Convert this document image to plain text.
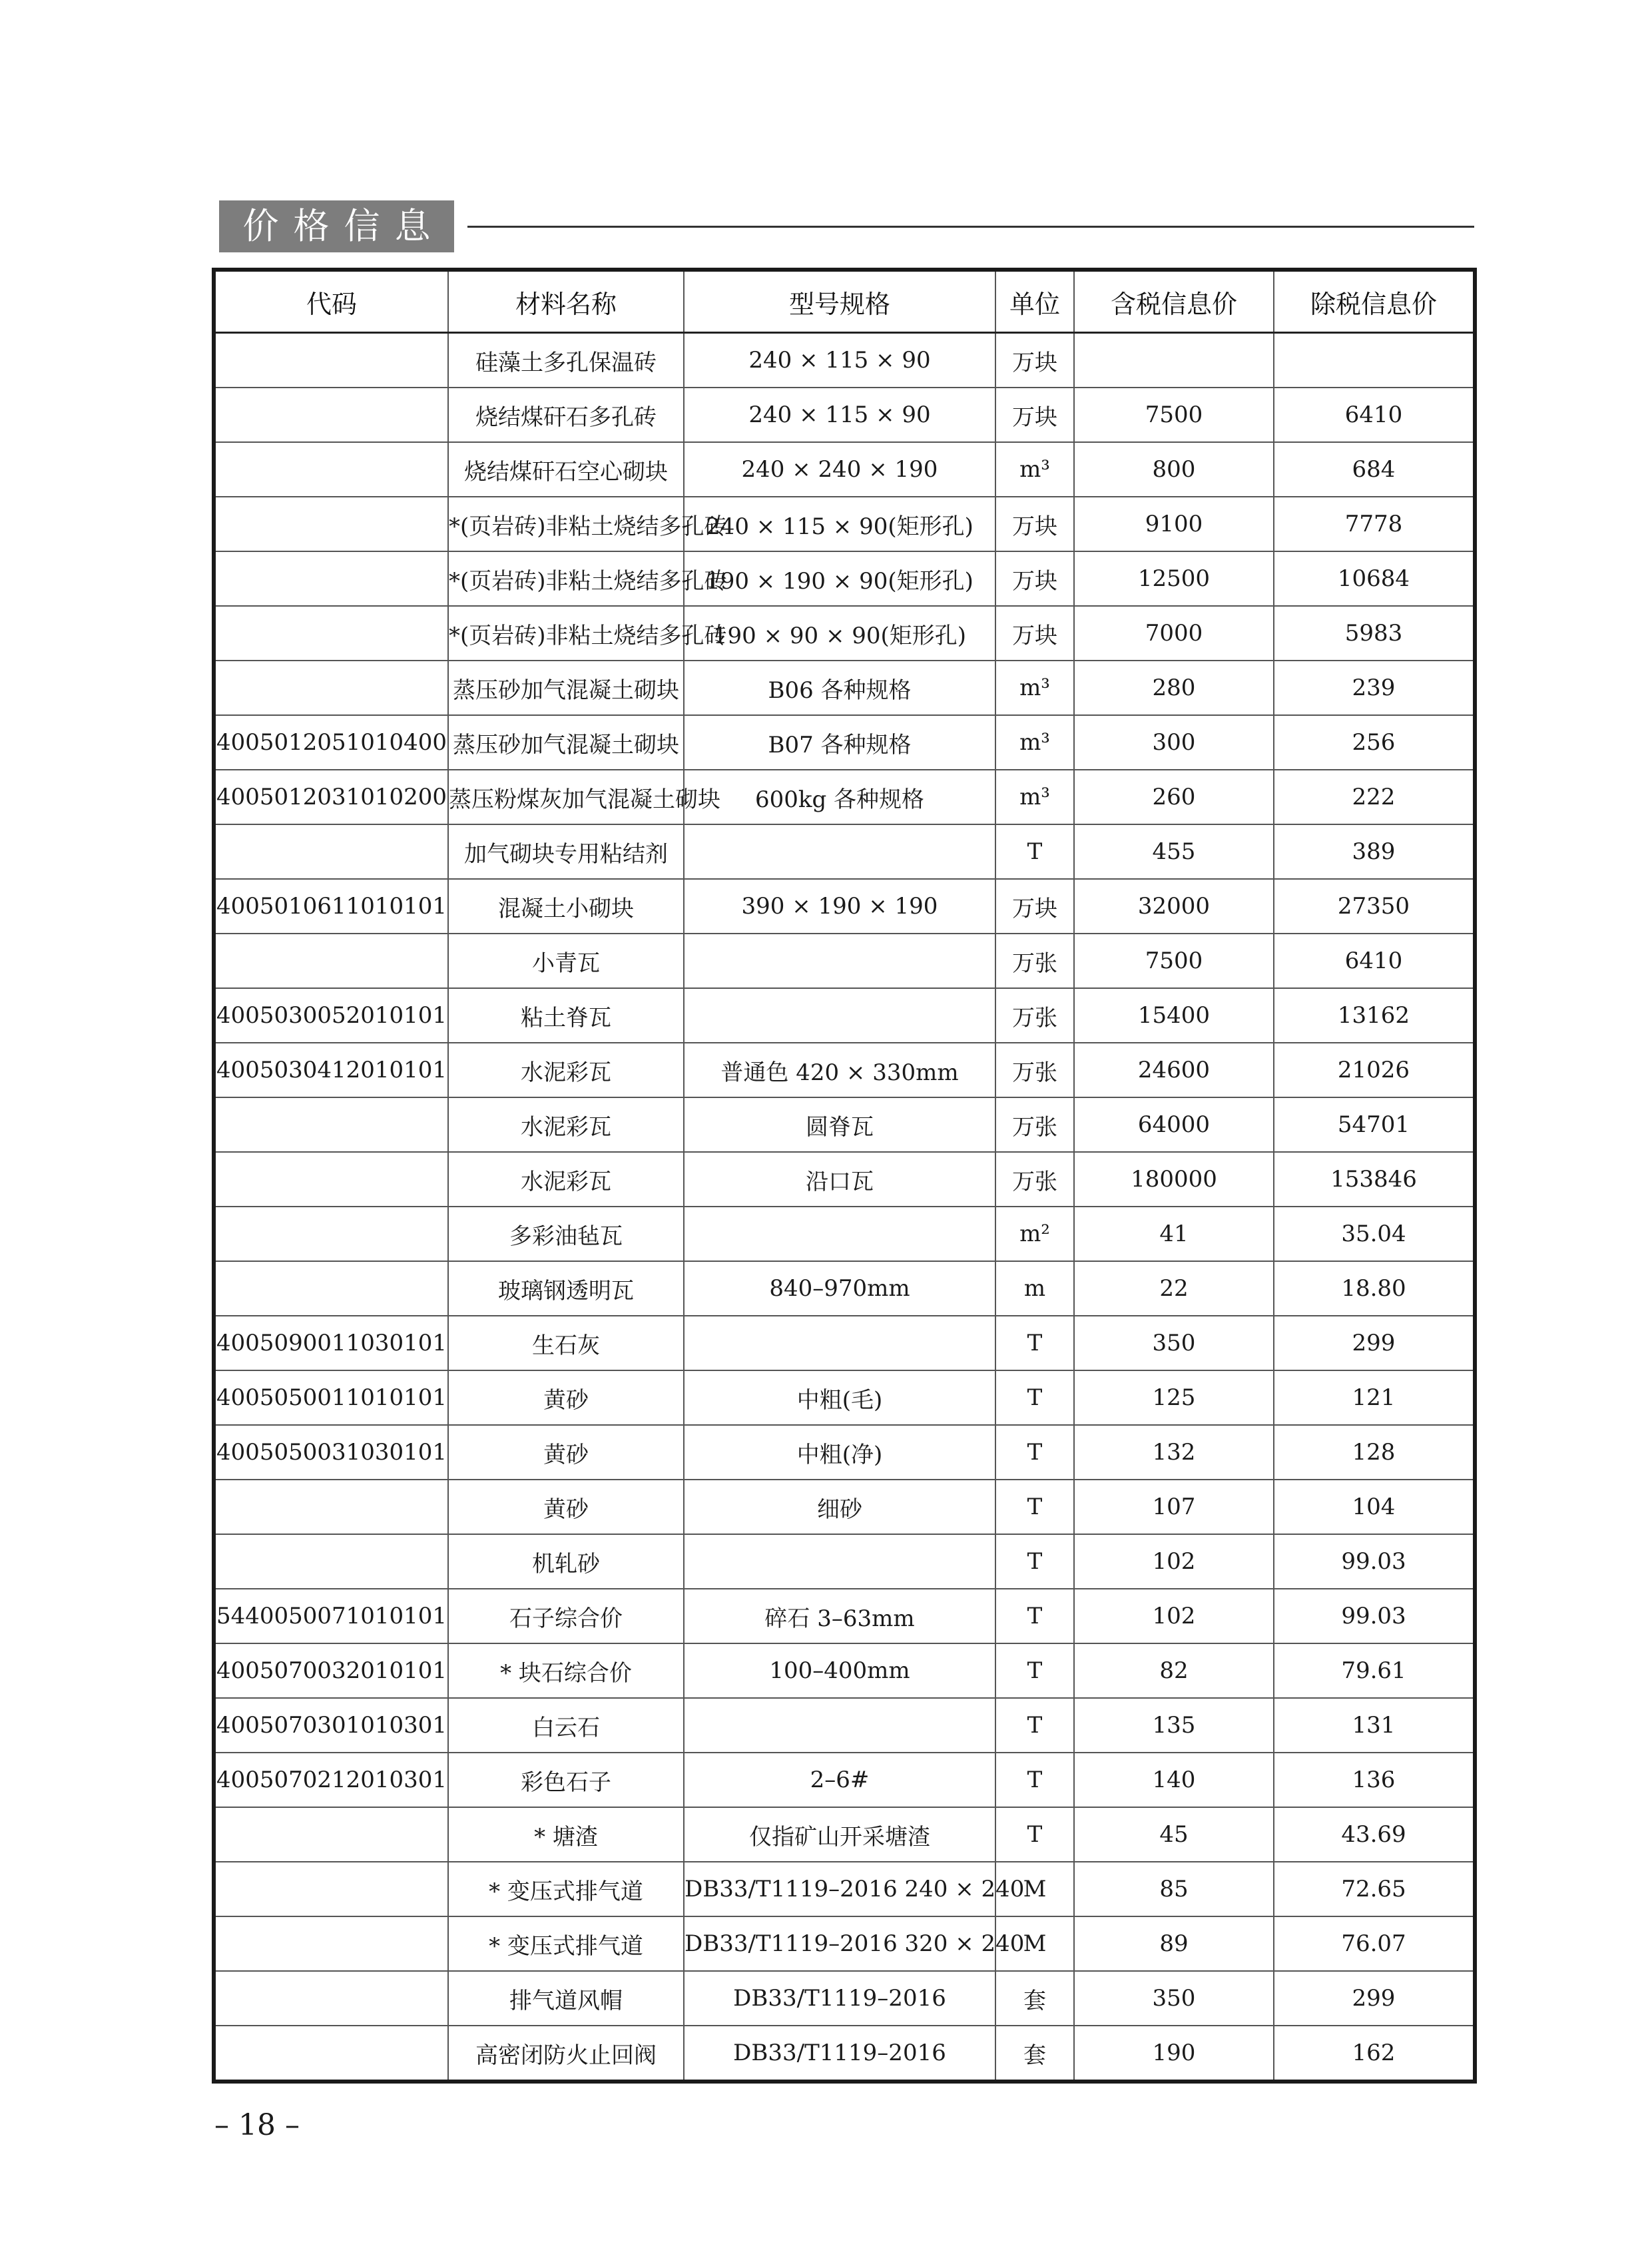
价格信息
代码	材料名称	型号规格	单位	含税信息价	除税信息价
	硅藻土多孔保温砖	240 × 115 × 90	万块		
	烧结煤矸石多孔砖	240 × 115 × 90	万块	7500	6410
	烧结煤矸石空心砌块	240 × 240 × 190	m³	800	684
	*(页岩砖)非粘土烧结多孔砖	240 × 115 × 90(矩形孔)	万块	9100	7778
	*(页岩砖)非粘土烧结多孔砖	190 × 190 × 90(矩形孔)	万块	12500	10684
	*(页岩砖)非粘土烧结多孔砖	190 × 90 × 90(矩形孔)	万块	7000	5983
	蒸压砂加气混凝土砌块	B06 各种规格	m³	280	239
4005012051010400	蒸压砂加气混凝土砌块	B07 各种规格	m³	300	256
4005012031010200	蒸压粉煤灰加气混凝土砌块	600kg 各种规格	m³	260	222
	加气砌块专用粘结剂		T	455	389
4005010611010101	混凝土小砌块	390 × 190 × 190	万块	32000	27350
	小青瓦		万张	7500	6410
4005030052010101	粘土脊瓦		万张	15400	13162
4005030412010101	水泥彩瓦	普通色 420 × 330mm	万张	24600	21026
	水泥彩瓦	圆脊瓦	万张	64000	54701
	水泥彩瓦	沿口瓦	万张	180000	153846
	多彩油毡瓦		m²	41	35.04
	玻璃钢透明瓦	840–970mm	m	22	18.80
4005090011030101	生石灰		T	350	299
4005050011010101	黄砂	中粗(毛)	T	125	121
4005050031030101	黄砂	中粗(净)	T	132	128
	黄砂	细砂	T	107	104
	机轧砂		T	102	99.03
5440050071010101	石子综合价	碎石 3–63mm	T	102	99.03
4005070032010101	* 块石综合价	100–400mm	T	82	79.61
4005070301010301	白云石		T	135	131
4005070212010301	彩色石子	2–6#	T	140	136
	* 塘渣	仅指矿山开采塘渣	T	45	43.69
	* 变压式排气道	DB33/T1119–2016 240 × 240	M	85	72.65
	* 变压式排气道	DB33/T1119–2016 320 × 240	M	89	76.07
	排气道风帽	DB33/T1119–2016	套	350	299
	高密闭防火止回阀	DB33/T1119–2016	套	190	162
– 18 –
